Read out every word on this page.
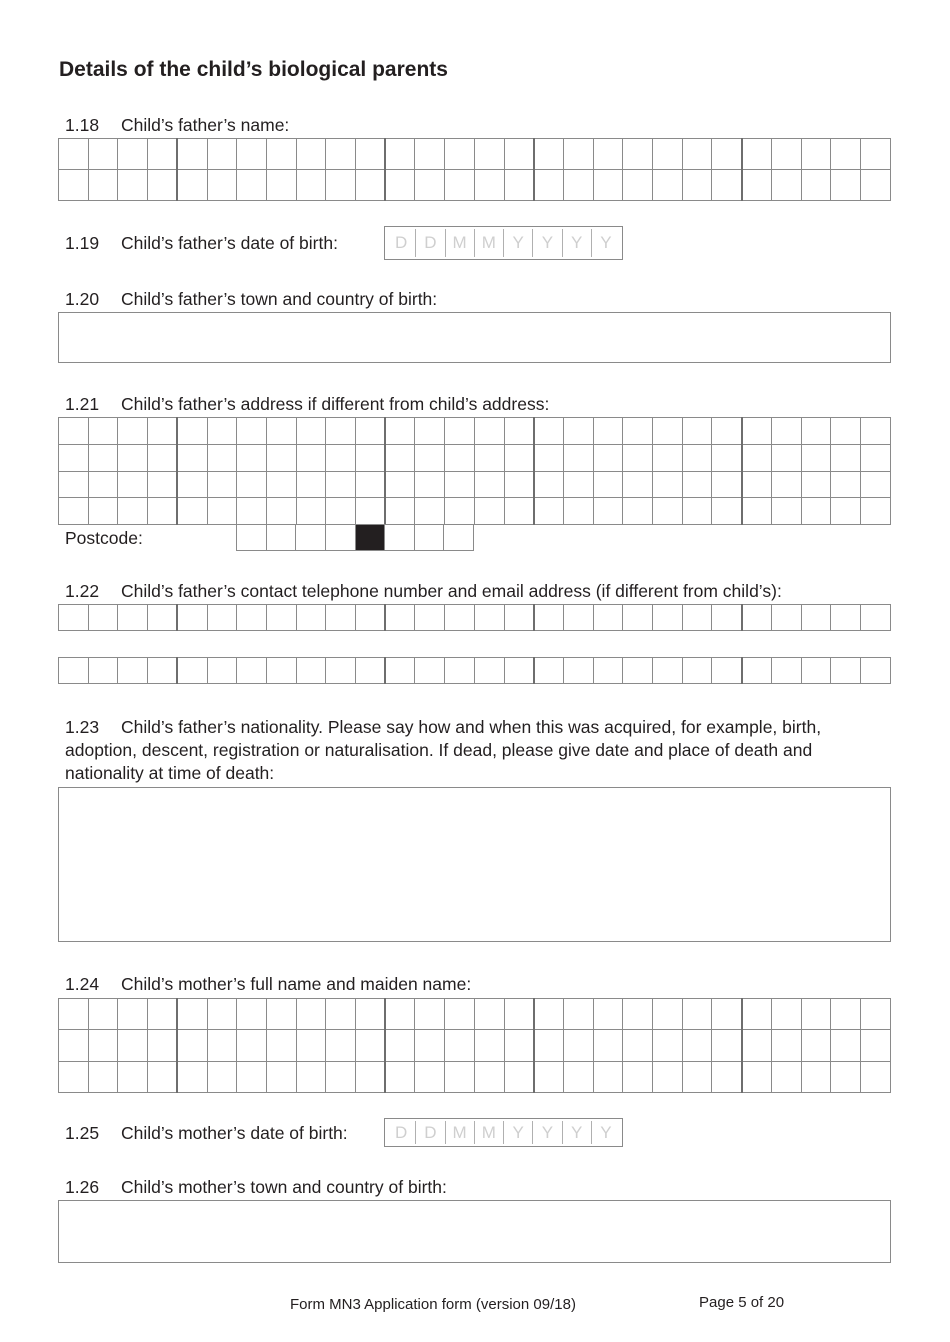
Details of the child’s biological parents
1.18 Child’s father’s name:

1.19 Child’s father’s date of birth:	D D M M Y	Y	Y	Y
1.20 Child’s father’s town and country of birth:
1.21 Child’s father’s address if different from child’s address:

Postcode:

1.22 Child’s father’s contact telephone number and email address (if different from child’s):

1.23 Child’s father’s nationality. Please say how and when this was acquired, for example, birth, adoption, descent, registration or naturalisation. If dead, please give date and place of death and nationality at time of death:
1.24 Child’s mother’s full name and maiden name:

1.25 Child’s mother’s date of birth:	D D M M Y	Y	Y	Y
1.26 Child’s mother’s town and country of birth:
Form MN3 Application form (version 09/18)	Page 5 of 20
